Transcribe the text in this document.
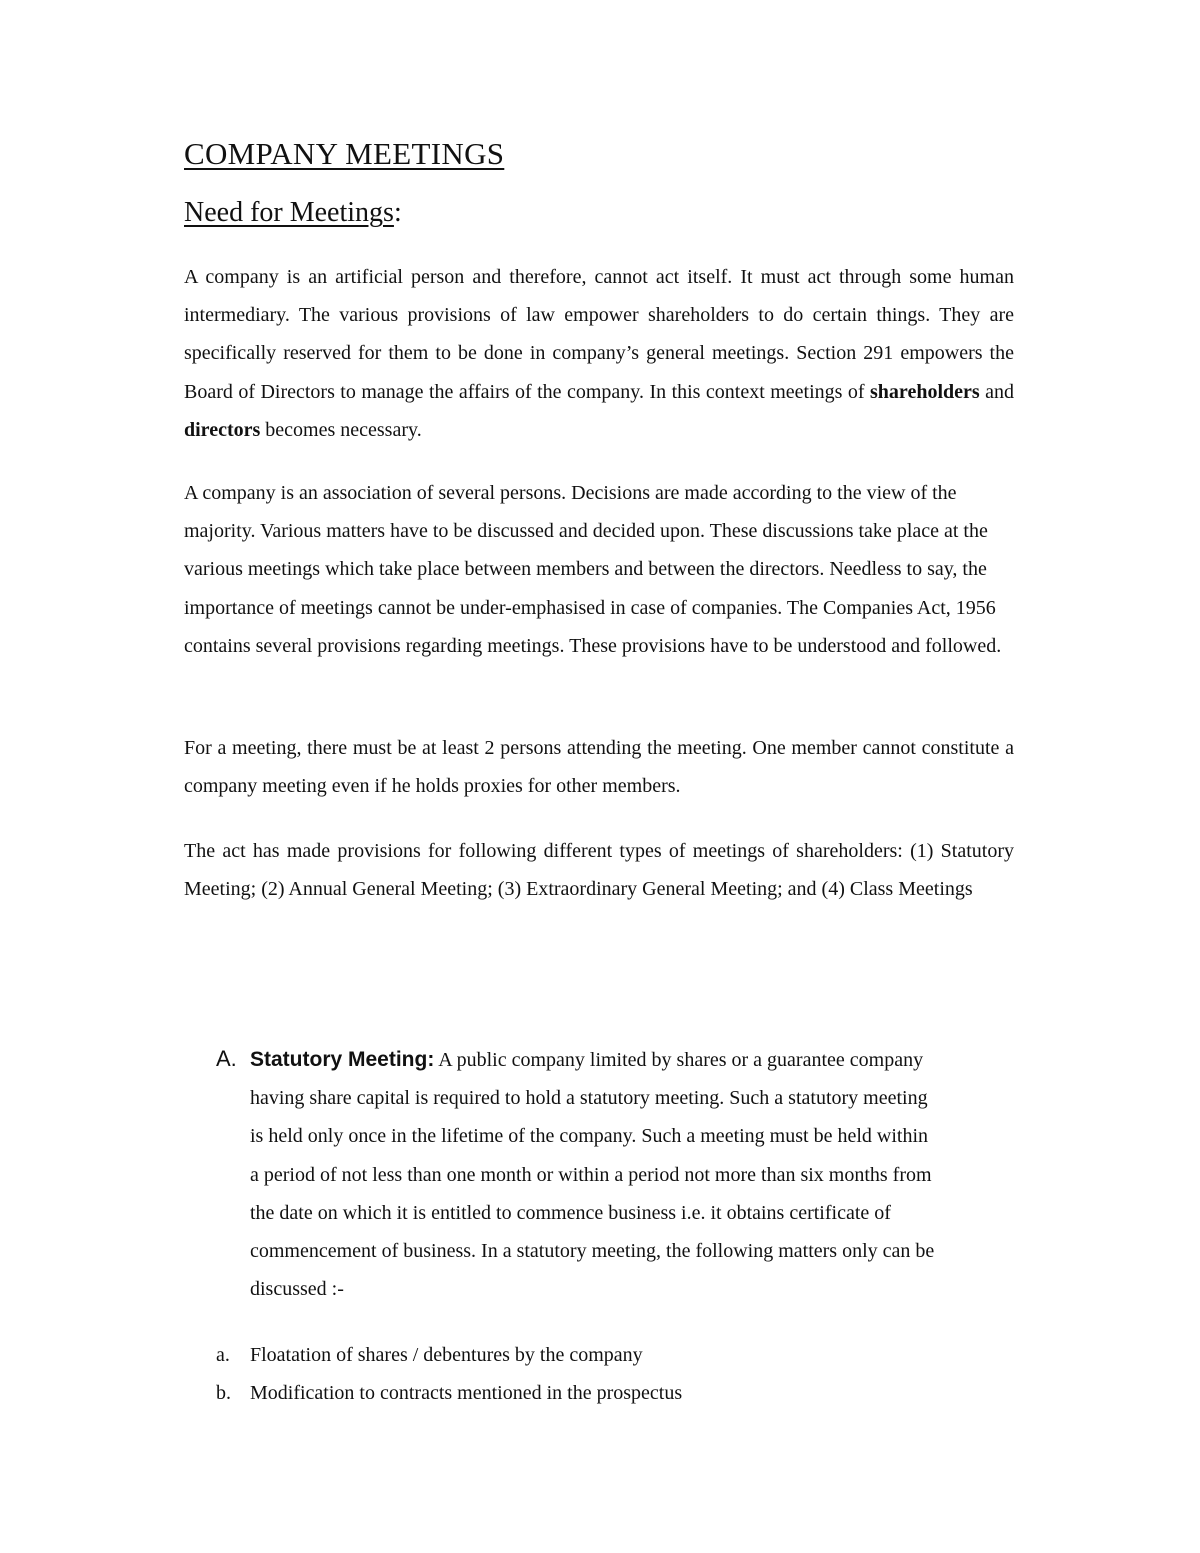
COMPANY MEETINGS
Need for Meetings:

A company is an artificial person and therefore, cannot act itself. It must act through some human intermediary. The various provisions of law empower shareholders to do certain things. They are specifically reserved for them to be done in company’s general meetings. Section 291 empowers the Board of Directors to manage the affairs of the company. In this context meetings of shareholders and directors becomes necessary.

A company is an association of several persons. Decisions are made according to the view of the majority. Various matters have to be discussed and decided upon. These discussions take place at the various meetings which take place between members and between the directors. Needless to say, the importance of meetings cannot be under-emphasised in case of companies. The Companies Act, 1956 contains several provisions regarding meetings. These provisions have to be understood and followed.

For a meeting, there must be at least 2 persons attending the meeting. One member cannot constitute a company meeting even if he holds proxies for other members.

The act has made provisions for following different types of meetings of shareholders: (1) Statutory Meeting; (2) Annual General Meeting; (3) Extraordinary General Meeting; and (4) Class Meetings

A. Statutory Meeting: A public company limited by shares or a guarantee company
having share capital is required to hold a statutory meeting. Such a statutory meeting
is held only once in the lifetime of the company. Such a meeting must be held within
a period of not less than one month or within a period not more than six months from
the date on which it is entitled to commence business i.e. it obtains certificate of
commencement of business. In a statutory meeting, the following matters only can be
discussed :-
a. Floatation of shares / debentures by the company
b. Modification to contracts mentioned in the prospectus
